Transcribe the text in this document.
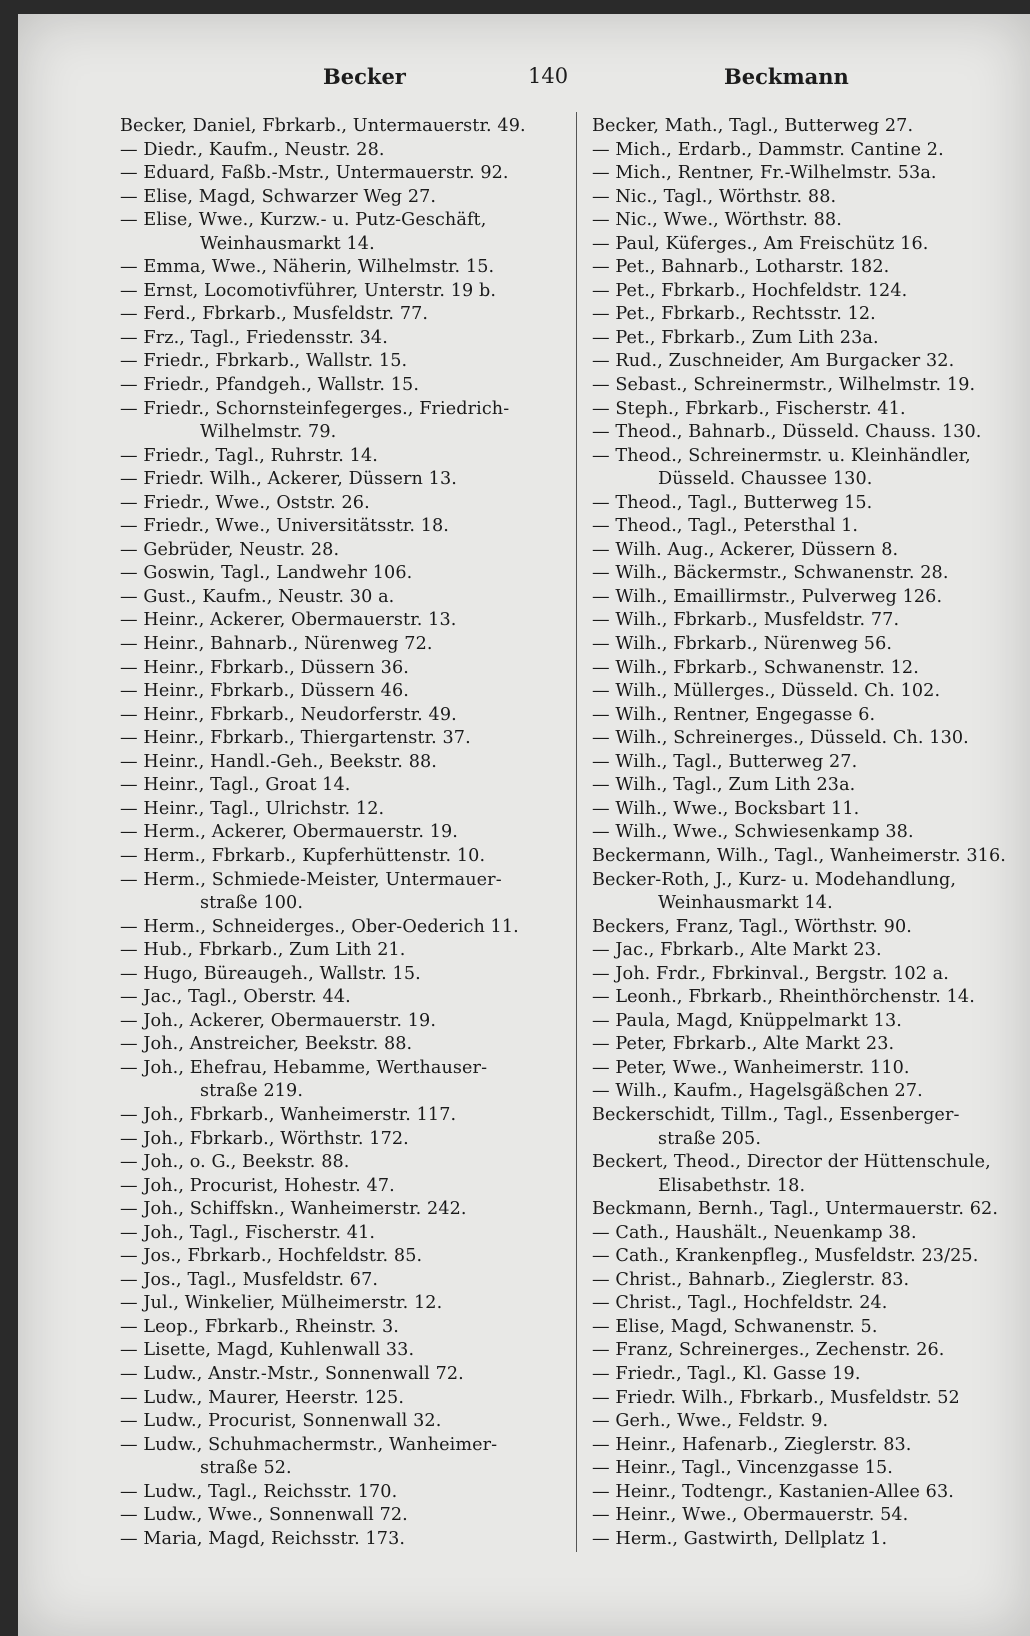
Becker	140	Beckmann
Becker, Daniel, Fbrkarb., Untermauerstr. 49.
— Diedr., Kaufm., Neustr. 28.
— Eduard, Faßb.-Mstr., Untermauerstr. 92.
— Elise, Magd, Schwarzer Weg 27.
— Elise, Wwe., Kurzw.- u. Putz-Geschäft,
Weinhausmarkt 14.
— Emma, Wwe., Näherin, Wilhelmstr. 15.
— Ernst, Locomotivführer, Unterstr. 19 b.
— Ferd., Fbrkarb., Musfeldstr. 77.
— Frz., Tagl., Friedensstr. 34.
— Friedr., Fbrkarb., Wallstr. 15.
— Friedr., Pfandgeh., Wallstr. 15.
— Friedr., Schornsteinfegerges., Friedrich-
Wilhelmstr. 79.
— Friedr., Tagl., Ruhrstr. 14.
— Friedr. Wilh., Ackerer, Düssern 13.
— Friedr., Wwe., Oststr. 26.
— Friedr., Wwe., Universitätsstr. 18.
— Gebrüder, Neustr. 28.
— Goswin, Tagl., Landwehr 106.
— Gust., Kaufm., Neustr. 30 a.
— Heinr., Ackerer, Obermauerstr. 13.
— Heinr., Bahnarb., Nürenweg 72.
— Heinr., Fbrkarb., Düssern 36.
— Heinr., Fbrkarb., Düssern 46.
— Heinr., Fbrkarb., Neudorferstr. 49.
— Heinr., Fbrkarb., Thiergartenstr. 37.
— Heinr., Handl.-Geh., Beekstr. 88.
— Heinr., Tagl., Groat 14.
— Heinr., Tagl., Ulrichstr. 12.
— Herm., Ackerer, Obermauerstr. 19.
— Herm., Fbrkarb., Kupferhüttenstr. 10.
— Herm., Schmiede-Meister, Untermauer-
straße 100.
— Herm., Schneiderges., Ober-Oederich 11.
— Hub., Fbrkarb., Zum Lith 21.
— Hugo, Büreaugeh., Wallstr. 15.
— Jac., Tagl., Oberstr. 44.
— Joh., Ackerer, Obermauerstr. 19.
— Joh., Anstreicher, Beekstr. 88.
— Joh., Ehefrau, Hebamme, Werthauser-
straße 219.
— Joh., Fbrkarb., Wanheimerstr. 117.
— Joh., Fbrkarb., Wörthstr. 172.
— Joh., o. G., Beekstr. 88.
— Joh., Procurist, Hohestr. 47.
— Joh., Schiffskn., Wanheimerstr. 242.
— Joh., Tagl., Fischerstr. 41.
— Jos., Fbrkarb., Hochfeldstr. 85.
— Jos., Tagl., Musfeldstr. 67.
— Jul., Winkelier, Mülheimerstr. 12.
— Leop., Fbrkarb., Rheinstr. 3.
— Lisette, Magd, Kuhlenwall 33.
— Ludw., Anstr.-Mstr., Sonnenwall 72.
— Ludw., Maurer, Heerstr. 125.
— Ludw., Procurist, Sonnenwall 32.
— Ludw., Schuhmachermstr., Wanheimer-
straße 52.
— Ludw., Tagl., Reichsstr. 170.
— Ludw., Wwe., Sonnenwall 72.
— Maria, Magd, Reichsstr. 173.
Becker, Math., Tagl., Butterweg 27.
— Mich., Erdarb., Dammstr. Cantine 2.
— Mich., Rentner, Fr.-Wilhelmstr. 53a.
— Nic., Tagl., Wörthstr. 88.
— Nic., Wwe., Wörthstr. 88.
— Paul, Küferges., Am Freischütz 16.
— Pet., Bahnarb., Lotharstr. 182.
— Pet., Fbrkarb., Hochfeldstr. 124.
— Pet., Fbrkarb., Rechtsstr. 12.
— Pet., Fbrkarb., Zum Lith 23a.
— Rud., Zuschneider, Am Burgacker 32.
— Sebast., Schreinermstr., Wilhelmstr. 19.
— Steph., Fbrkarb., Fischerstr. 41.
— Theod., Bahnarb., Düsseld. Chauss. 130.
— Theod., Schreinermstr. u. Kleinhändler,
Düsseld. Chaussee 130.
— Theod., Tagl., Butterweg 15.
— Theod., Tagl., Petersthal 1.
— Wilh. Aug., Ackerer, Düssern 8.
— Wilh., Bäckermstr., Schwanenstr. 28.
— Wilh., Emaillirmstr., Pulverweg 126.
— Wilh., Fbrkarb., Musfeldstr. 77.
— Wilh., Fbrkarb., Nürenweg 56.
— Wilh., Fbrkarb., Schwanenstr. 12.
— Wilh., Müllerges., Düsseld. Ch. 102.
— Wilh., Rentner, Engegasse 6.
— Wilh., Schreinerges., Düsseld. Ch. 130.
— Wilh., Tagl., Butterweg 27.
— Wilh., Tagl., Zum Lith 23a.
— Wilh., Wwe., Bocksbart 11.
— Wilh., Wwe., Schwiesenkamp 38.
Beckermann, Wilh., Tagl., Wanheimerstr. 316.
Becker-Roth, J., Kurz- u. Modehandlung,
Weinhausmarkt 14.
Beckers, Franz, Tagl., Wörthstr. 90.
— Jac., Fbrkarb., Alte Markt 23.
— Joh. Frdr., Fbrkinval., Bergstr. 102 a.
— Leonh., Fbrkarb., Rheinthörchenstr. 14.
— Paula, Magd, Knüppelmarkt 13.
— Peter, Fbrkarb., Alte Markt 23.
— Peter, Wwe., Wanheimerstr. 110.
— Wilh., Kaufm., Hagelsgäßchen 27.
Beckerschidt, Tillm., Tagl., Essenberger-
straße 205.
Beckert, Theod., Director der Hüttenschule,
Elisabethstr. 18.
Beckmann, Bernh., Tagl., Untermauerstr. 62.
— Cath., Haushält., Neuenkamp 38.
— Cath., Krankenpfleg., Musfeldstr. 23/25.
— Christ., Bahnarb., Zieglerstr. 83.
— Christ., Tagl., Hochfeldstr. 24.
— Elise, Magd, Schwanenstr. 5.
— Franz, Schreinerges., Zechenstr. 26.
— Friedr., Tagl., Kl. Gasse 19.
— Friedr. Wilh., Fbrkarb., Musfeldstr. 52
— Gerh., Wwe., Feldstr. 9.
— Heinr., Hafenarb., Zieglerstr. 83.
— Heinr., Tagl., Vincenzgasse 15.
— Heinr., Todtengr., Kastanien-Allee 63.
— Heinr., Wwe., Obermauerstr. 54.
— Herm., Gastwirth, Dellplatz 1.
